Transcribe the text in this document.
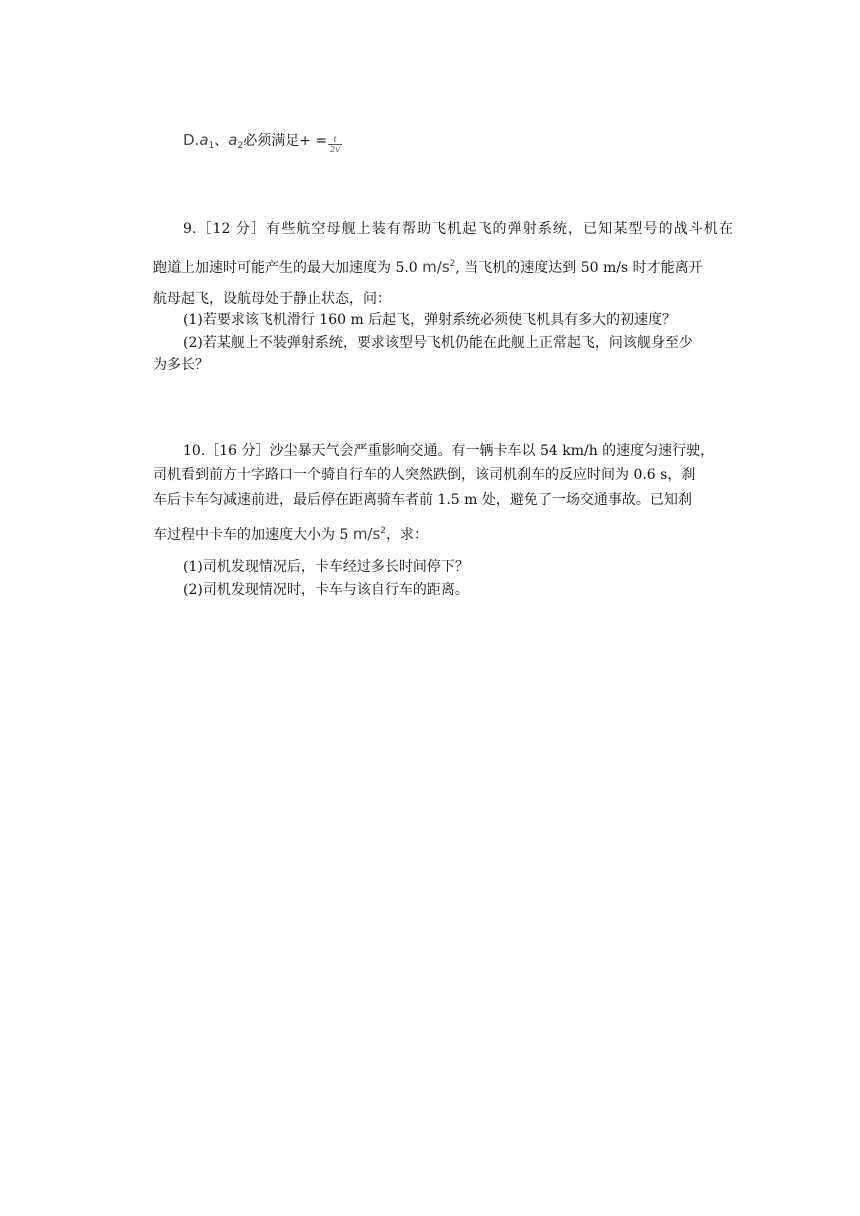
$D.a_1$、$a_2$必须满足+ = $\frac{t}{2v}$
9.［12 分］有些航空母舰上装有帮助飞机起飞的弹射系统，已知某型号的战斗机在
跑道上加速时可能产生的最大加速度为 5.0 $m/s^2$, 当飞机的速度达到 50 m/s 时才能离开
航母起飞，设航母处于静止状态，问：
(1)若要求该飞机滑行 160 m 后起飞，弹射系统必须使飞机具有多大的初速度？
(2)若某舰上不装弹射系统，要求该型号飞机仍能在此舰上正常起飞，问该舰身至少
为多长？
10.［16 分］沙尘暴天气会严重影响交通。有一辆卡车以 54 km/h 的速度匀速行驶，
司机看到前方十字路口一个骑自行车的人突然跌倒，该司机刹车的反应时间为 0.6 s，刹
车后卡车匀减速前进，最后停在距离骑车者前 1.5 m 处，避免了一场交通事故。已知刹
车过程中卡车的加速度大小为 5 $m/s^2$，求：
(1)司机发现情况后，卡车经过多长时间停下？
(2)司机发现情况时，卡车与该自行车的距离。
